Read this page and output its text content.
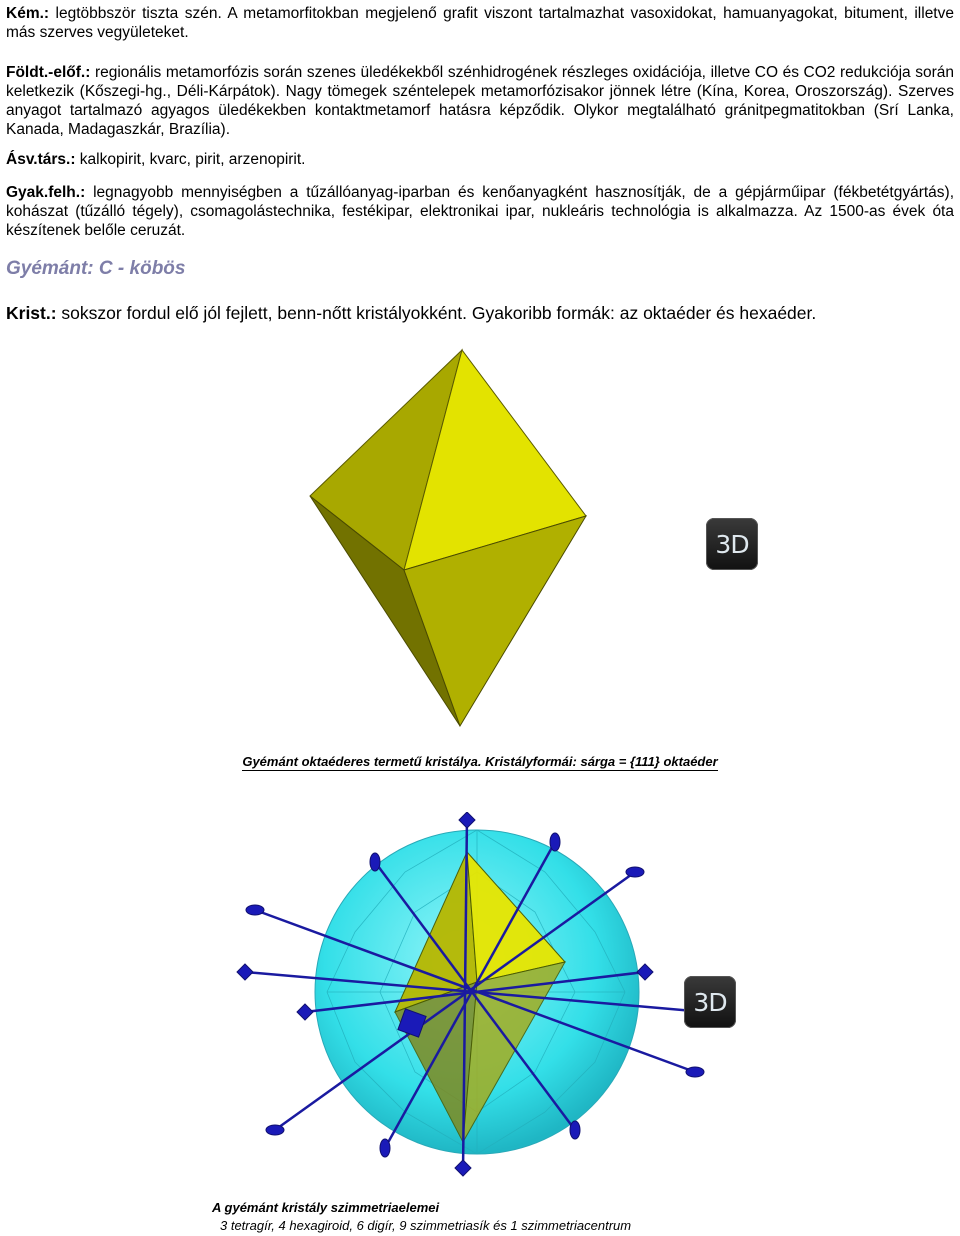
Kém.: legtöbbször tiszta szén. A metamorfitokban megjelenő grafit viszont tartalmazhat vasoxidokat, hamuanyagokat, bitument, illetve más szerves vegyületeket.

Földt.-előf.: regionális metamorfózis során szenes üledékekből szénhidrogének részleges oxidációja, illetve CO és CO2 redukciója során keletkezik (Kőszegi-hg., Déli-Kárpátok). Nagy tömegek széntelepek metamorfózisakor jönnek létre (Kína, Korea, Oroszország). Szerves anyagot tartalmazó agyagos üledékekben kontaktmetamorf hatásra képződik. Olykor megtalálható gránitpegmatitokban (Srí Lanka, Kanada, Madagaszkár, Brazília).

Ásv.társ.: kalkopirit, kvarc, pirit, arzenopirit.

Gyak.felh.: legnagyobb mennyiségben a tűzállóanyag-iparban és kenőanyagként hasznosítják, de a gépjárműipar (fékbetétgyártás), kohászat (tűzálló tégely), csomagolástechnika, festékipar, elektronikai ipar, nukleáris technológia is alkalmazza. Az 1500-as évek óta készítenek belőle ceruzát.

Gyémánt: C - köbös

Krist.: sokszor fordul elő jól fejlett, benn-nőtt kristályokként. Gyakoribb formák: az oktaéder és hexaéder.

3D
Gyémánt oktaéderes termetű kristálya. Kristályformái: sárga = {111} oktaéder
3D
A gyémánt kristály szimmetriaelemei
3 tetragír, 4 hexagiroid, 6 digír, 9 szimmetriasík és 1 szimmetriacentrum
